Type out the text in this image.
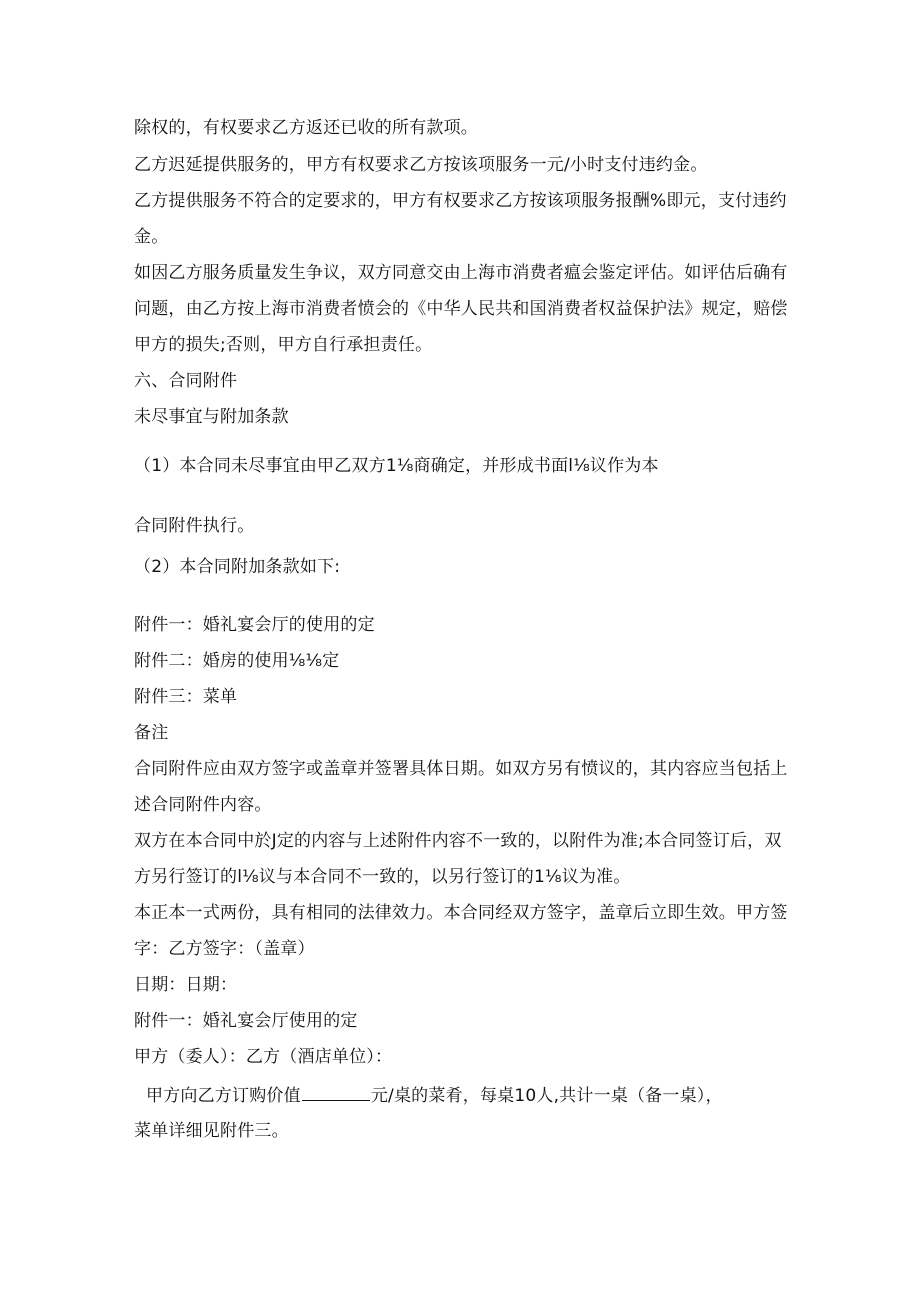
除权的，有权要求乙方返还已收的所有款项。
乙方迟延提供服务的，甲方有权要求乙方按该项服务一元/小时支付违约金。
乙方提供服务不符合的定要求的，甲方有权要求乙方按该项服务报酬%即元，支付违约
金。
如因乙方服务质量发生争议，双方同意交由上海市消费者瘟会鉴定评估。如评估后确有
问题，由乙方按上海市消费者愤会的《中华人民共和国消费者权益保护法》规定，赔偿
甲方的损失;否则，甲方自行承担责任。
六、合同附件
未尽事宜与附加条款
（1）本合同未尽事宜由甲乙双方1⅛商确定，并形成书面l⅛议作为本
合同附件执行。
（2）本合同附加条款如下:
附件一：婚礼宴会厅的使用的定
附件二：婚房的使用⅛⅛定
附件三：菜单
备注
合同附件应由双方签字或盖章并签署具体日期。如双方另有愤议的，其内容应当包括上
述合同附件内容。
双方在本合同中於J定的内容与上述附件内容不一致的，以附件为准;本合同签订后，双
方另行签订的l⅛议与本合同不一致的，以另行签订的1⅛议为准。
本正本一式两份，具有相同的法律效力。本合同经双方签字，盖章后立即生效。甲方签
字：乙方签字：（盖章）
日期：日期：
附件一：婚礼宴会厅使用的定
甲方（委人）：乙方（酒店单位）：
甲方向乙方订购价值	元/桌的菜肴，每桌10人,共计一桌（备一桌），
菜单详细见附件三。
